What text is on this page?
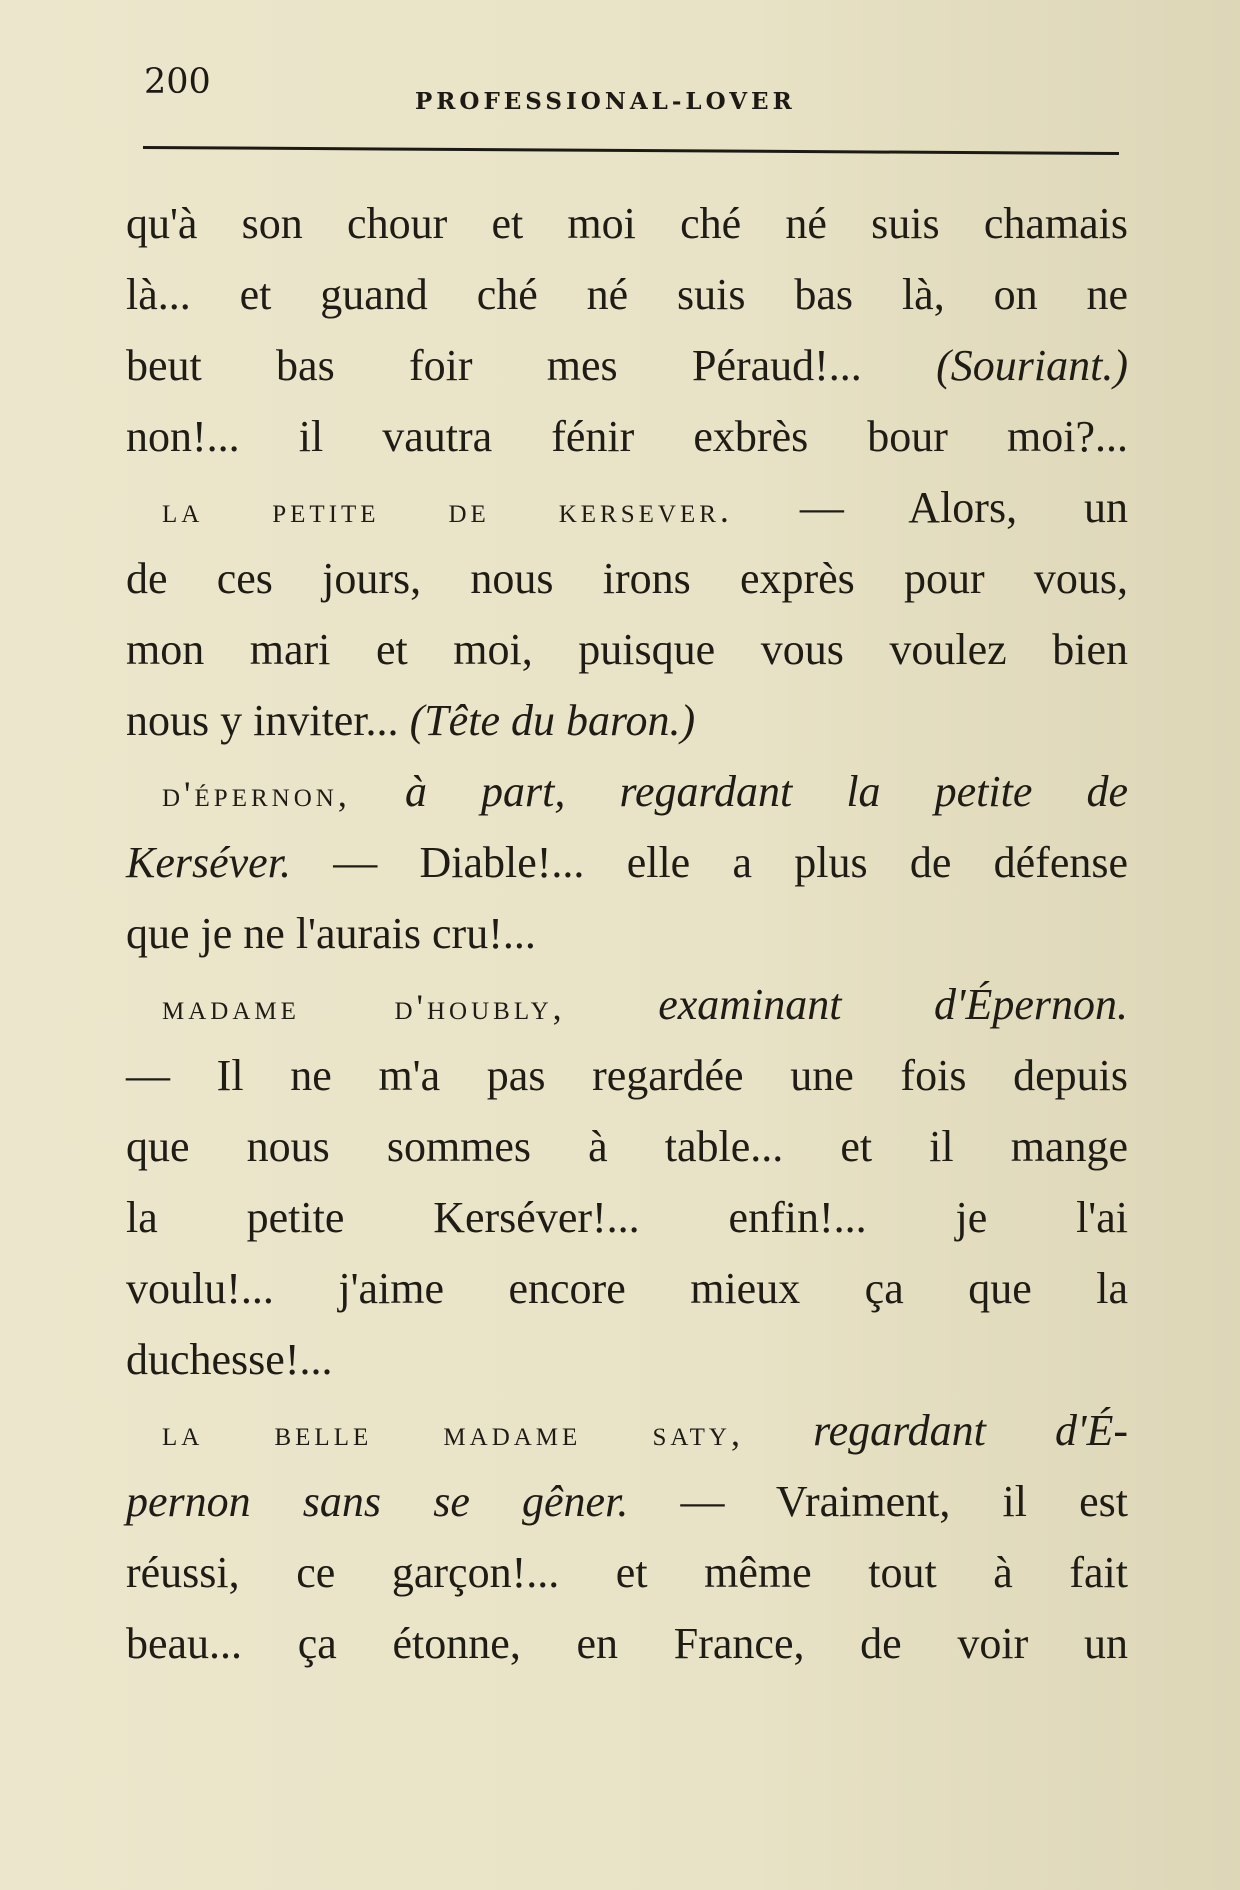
200	PROFESSIONAL-LOVER
qu'à son chour et moi ché né suis chamais
là... et guand ché né suis bas là, on ne
beut bas foir mes Péraud!... (Souriant.)
non!... il vautra fénir exbrès bour moi?...
la petite de kersever. — Alors, un
de ces jours, nous irons exprès pour vous,
mon mari et moi, puisque vous voulez bien
nous y inviter... (Tête du baron.)
d'épernon, à part, regardant la petite de
Kerséver. — Diable!... elle a plus de défense
que je ne l'aurais cru!...
madame d'houbly, examinant d'Épernon.
— Il ne m'a pas regardée une fois depuis
que nous sommes à table... et il mange
la petite Kerséver!... enfin!... je l'ai
voulu!... j'aime encore mieux ça que la
duchesse!...
la belle madame saty, regardant d'É-
pernon sans se gêner. — Vraiment, il est
réussi, ce garçon!... et même tout à fait
beau... ça étonne, en France, de voir un
